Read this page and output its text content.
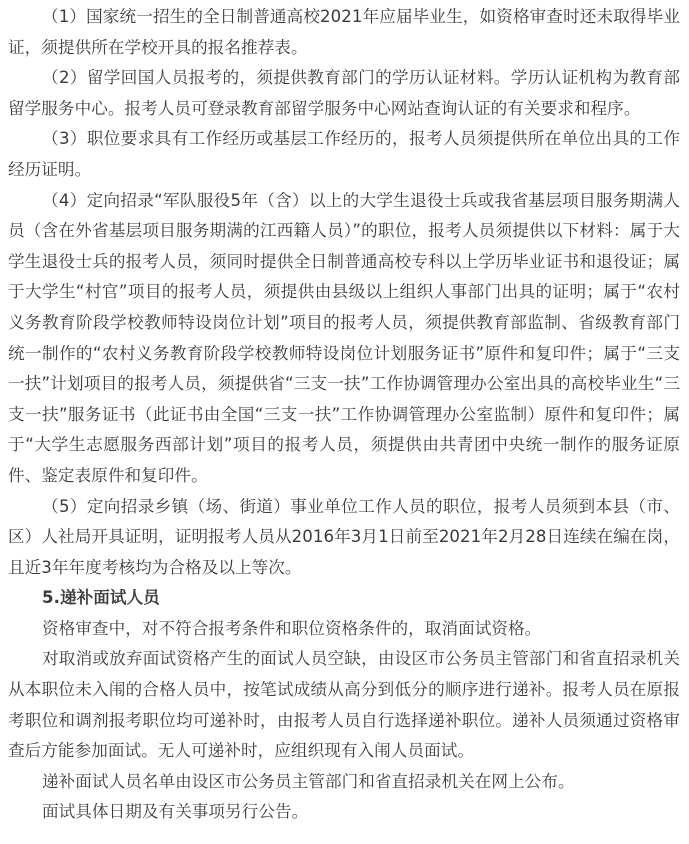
（1）国家统一招生的全日制普通高校2021年应届毕业生，如资格审查时还未取得毕业证，须提供所在学校开具的报名推荐表。

（2）留学回国人员报考的，须提供教育部门的学历认证材料。学历认证机构为教育部留学服务中心。报考人员可登录教育部留学服务中心网站查询认证的有关要求和程序。

（3）职位要求具有工作经历或基层工作经历的，报考人员须提供所在单位出具的工作经历证明。

（4）定向招录“军队服役5年（含）以上的大学生退役士兵或我省基层项目服务期满人员（含在外省基层项目服务期满的江西籍人员）”的职位，报考人员须提供以下材料：属于大学生退役士兵的报考人员，须同时提供全日制普通高校专科以上学历毕业证书和退役证；属于大学生“村官”项目的报考人员，须提供由县级以上组织人事部门出具的证明；属于“农村义务教育阶段学校教师特设岗位计划”项目的报考人员，须提供教育部监制、省级教育部门统一制作的“农村义务教育阶段学校教师特设岗位计划服务证书”原件和复印件；属于“三支一扶”计划项目的报考人员，须提供省“三支一扶”工作协调管理办公室出具的高校毕业生“三支一扶”服务证书（此证书由全国“三支一扶”工作协调管理办公室监制）原件和复印件；属于“大学生志愿服务西部计划”项目的报考人员，须提供由共青团中央统一制作的服务证原件、鉴定表原件和复印件。

（5）定向招录乡镇（场、街道）事业单位工作人员的职位，报考人员须到本县（市、区）人社局开具证明，证明报考人员从2016年3月1日前至2021年2月28日连续在编在岗，且近3年年度考核均为合格及以上等次。

5.递补面试人员

资格审查中，对不符合报考条件和职位资格条件的，取消面试资格。

对取消或放弃面试资格产生的面试人员空缺，由设区市公务员主管部门和省直招录机关从本职位未入闱的合格人员中，按笔试成绩从高分到低分的顺序进行递补。报考人员在原报考职位和调剂报考职位均可递补时，由报考人员自行选择递补职位。递补人员须通过资格审查后方能参加面试。无人可递补时，应组织现有入闱人员面试。

递补面试人员名单由设区市公务员主管部门和省直招录机关在网上公布。

面试具体日期及有关事项另行公告。
